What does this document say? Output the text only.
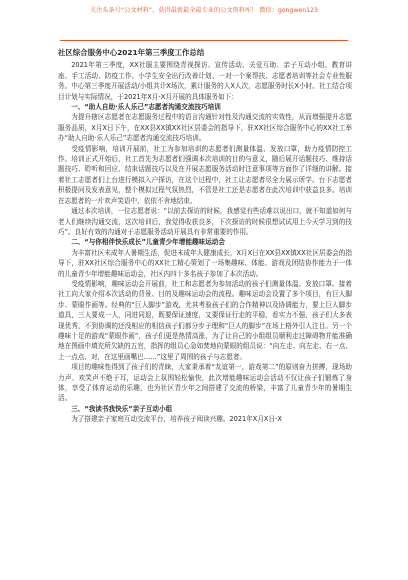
关注头条号“公文材料”，获得最新最全最专业的公文资料库！ 微信：gongwen123
社区综合服务中心2021年第三季度工作总结

2021年第三季度，XX社服主要围绕青视探访、宣传活动、关爱互助、亲子互动小组、教育讲座、手工活动、防疫工作、小学生安全出行改善计划、一对一个案帮扶、志愿者培训等社会专业性服务。中心第三季度开展活动/小组共计X场次，累计服务的人X人次，志愿服务时长X小时。社工结合项目计划与实际情况，于2021年X月-X月开展的具体服务如下：

一、“助人自助·乐人乐己”志愿者沟通交流技巧培训

为提升辖区志愿者在志愿服务过程中的语言沟通针对性及沟通交流的实效性，从而增强提升志愿服务品质，X月X日下午，在XX县XX镇XX社区居委会的指导下，驻XX社区综合服务中心的XX社工举办“助人自助·乐人乐己”志愿者沟通交流技巧培训。

受疫情影响，培训开展前，社工为参加培训的志愿者们测量体温、发放口罩，助力疫情防控工作。培训正式开始后，社工首先为志愿者们强调本次培训的目的与意义，随后展开话题技巧、维持话题技巧、聆听和回应、结束话题技巧以及在开展志愿服务活动时注意事项等方面作了详细的讲解。接着社工志愿者们上台进行模拟入户探访，在这个过程中，社工让志愿者尽全力展示所学。台下志愿者积极提问及发表意见，整个模拟过程气氛热烈，不管是社工还是志愿者在此次培训中获益良多。培训在志愿者的一片欢声笑语中，依依不舍地结束。

通过本次培训，一位志愿者说：“以前去探访的时候，我感觉有些话难以说出口，就不知道如何与老人们继续沟通交流，这次培训后，我觉得收获良多，下次探访的时候很想试试用上今天学习到的技巧”。良好有效的沟通对于志愿服务活动开展具有非常重要的作用。

二、“与你相伴快乐成长”儿童青少年增能趣味运动会

为丰富社区未成年人暑期生活，促进未成年人健康成长，X月X日在XX县XX镇XX社区居委会的指导下，驻XX社区综合服务中心的XX社工精心策划了一场集趣味、体能、游戏及团结协作能力于一体的儿童青少年增能趣味运动会，社区内四十多名孩子参加了本次活动。

受疫情影响，趣味运动会开展前，社工和志愿者为参加活动的孩子们测量体温、发放口罩。接着社工向大家介绍本次活动的背景、目的及趣味运动会的流程。趣味运动会设置了多个项目，有巨人脚步、蒙眼作画等。经典的“巨人脚步”游戏，尤其考验孩子们的合作精神以及协调能力，要上巨人脚步道具，三人要成一人，同进同退，既要保证速度，又要保证行走的平稳，看实力不强，孩子们大多表现优秀，不到协调的还没相应的相信孩子们都分步子理和“巨人的脚步”在场上格外引人注目。另一个趣味十足的游戏“蒙眼作画”，孩子们更是热情高涨，为了让自己的小组组员顺利走过障碍物并能准确地在图画中填充所欠缺的五官，指挥的组员心急如焚地向蒙眼的组员说：“向左走、向左走、右一点、上一点点、对，在这里画嘴巴……”这里了周围的孩子与志愿者。

项目的趣味性得到了孩子们的青睐，大家秉承着“友谊第一，游戏第二”的原则奋力拼搏，现场助力声、欢笑声不绝于耳，运动会上氛围轻松愉快，此次增能趣味运动会活动不仅让孩子们锻炼了身体，享受了体育运动的乐趣，也为社区青少年之间搭建了交流的桥梁，丰富了儿童青少年的暑期生活。

三、“我读书我快乐”亲子互动小组

为了搭建亲子家庭互动交流平台，培养孩子阅读兴趣。2021年X月X日-X
